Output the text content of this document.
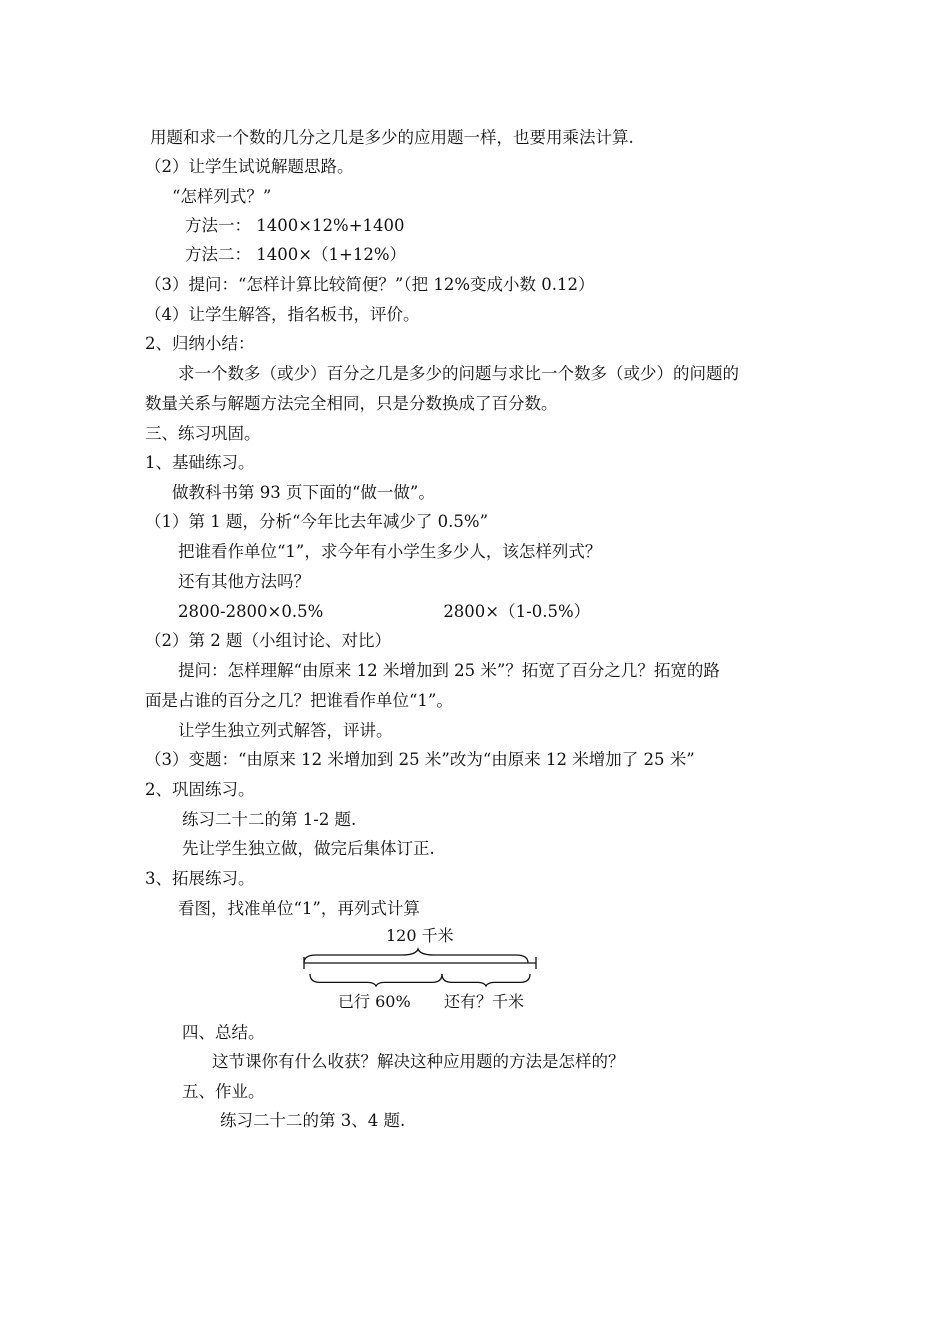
用题和求一个数的几分之几是多少的应用题一样，也要用乘法计算.
（2）让学生试说解题思路。
“怎样列式？”
方法一： 1400×12%+1400
方法二： 1400×（1+12%）
（3）提问：“怎样计算比较简便？”（把 12%变成小数 0.12）
（4）让学生解答，指名板书，评价。
2、归纳小结：
求一个数多（或少）百分之几是多少的问题与求比一个数多（或少）的问题的
数量关系与解题方法完全相同，只是分数换成了百分数。
三、练习巩固。
1、基础练习。
做教科书第 93 页下面的“做一做”。
（1）第 1 题，分析“今年比去年减少了 0.5%”
把谁看作单位“1”，求今年有小学生多少人，该怎样列式？
还有其他方法吗？
2800-2800×0.5%	2800×（1-0.5%）
（2）第 2 题（小组讨论、对比）
提问：怎样理解“由原来 12 米增加到 25 米”？拓宽了百分之几？拓宽的路
面是占谁的百分之几？把谁看作单位“1”。
让学生独立列式解答，评讲。
（3）变题：“由原来 12 米增加到 25 米”改为“由原来 12 米增加了 25 米”
2、巩固练习。
练习二十二的第 1-2 题.
先让学生独立做，做完后集体订正.
3、拓展练习。
看图，找准单位“1”，再列式计算
120 千米
已行 60% 还有？千米
四、总结。
这节课你有什么收获？解决这种应用题的方法是怎样的？
五、作业。
练习二十二的第 3、4 题.
